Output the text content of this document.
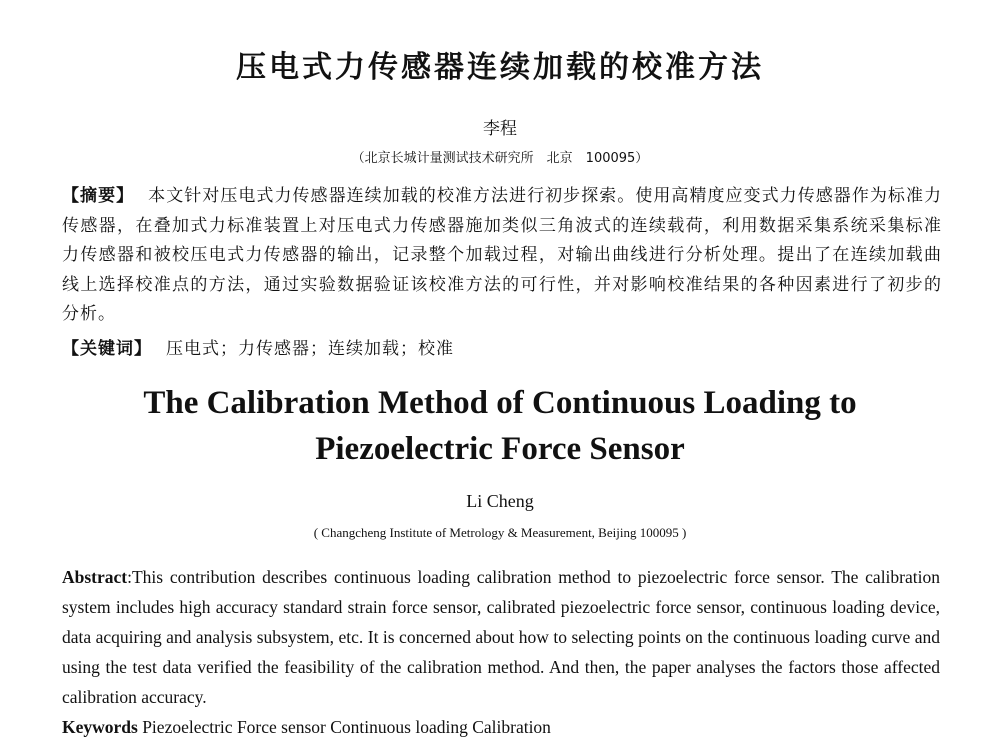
压电式力传感器连续加载的校准方法
李程
（北京长城计量测试技术研究所　北京　100095）
【摘要】 本文针对压电式力传感器连续加载的校准方法进行初步探索。使用高精度应变式力传感器作为标准力传感器，在叠加式力标准装置上对压电式力传感器施加类似三角波式的连续载荷，利用数据采集系统采集标准力传感器和被校压电式力传感器的输出，记录整个加载过程，对输出曲线进行分析处理。提出了在连续加载曲线上选择校准点的方法，通过实验数据验证该校准方法的可行性，并对影响校准结果的各种因素进行了初步的分析。
【关键词】 压电式；力传感器；连续加载；校准
The Calibration Method of Continuous Loading to
Piezoelectric Force Sensor
Li Cheng
( Changcheng Institute of Metrology & Measurement, Beijing 100095 )
Abstract:This contribution describes continuous loading calibration method to piezoelectric force sensor. The calibration system includes high accuracy standard strain force sensor, calibrated piezoelectric force sensor, continuous loading device, data acquiring and analysis subsystem, etc. It is concerned about how to selecting points on the continuous loading curve and using the test data verified the feasibility of the calibration method. And then, the paper analyses the factors those affected calibration accuracy.
Keywords Piezoelectric Force sensor Continuous loading Calibration
